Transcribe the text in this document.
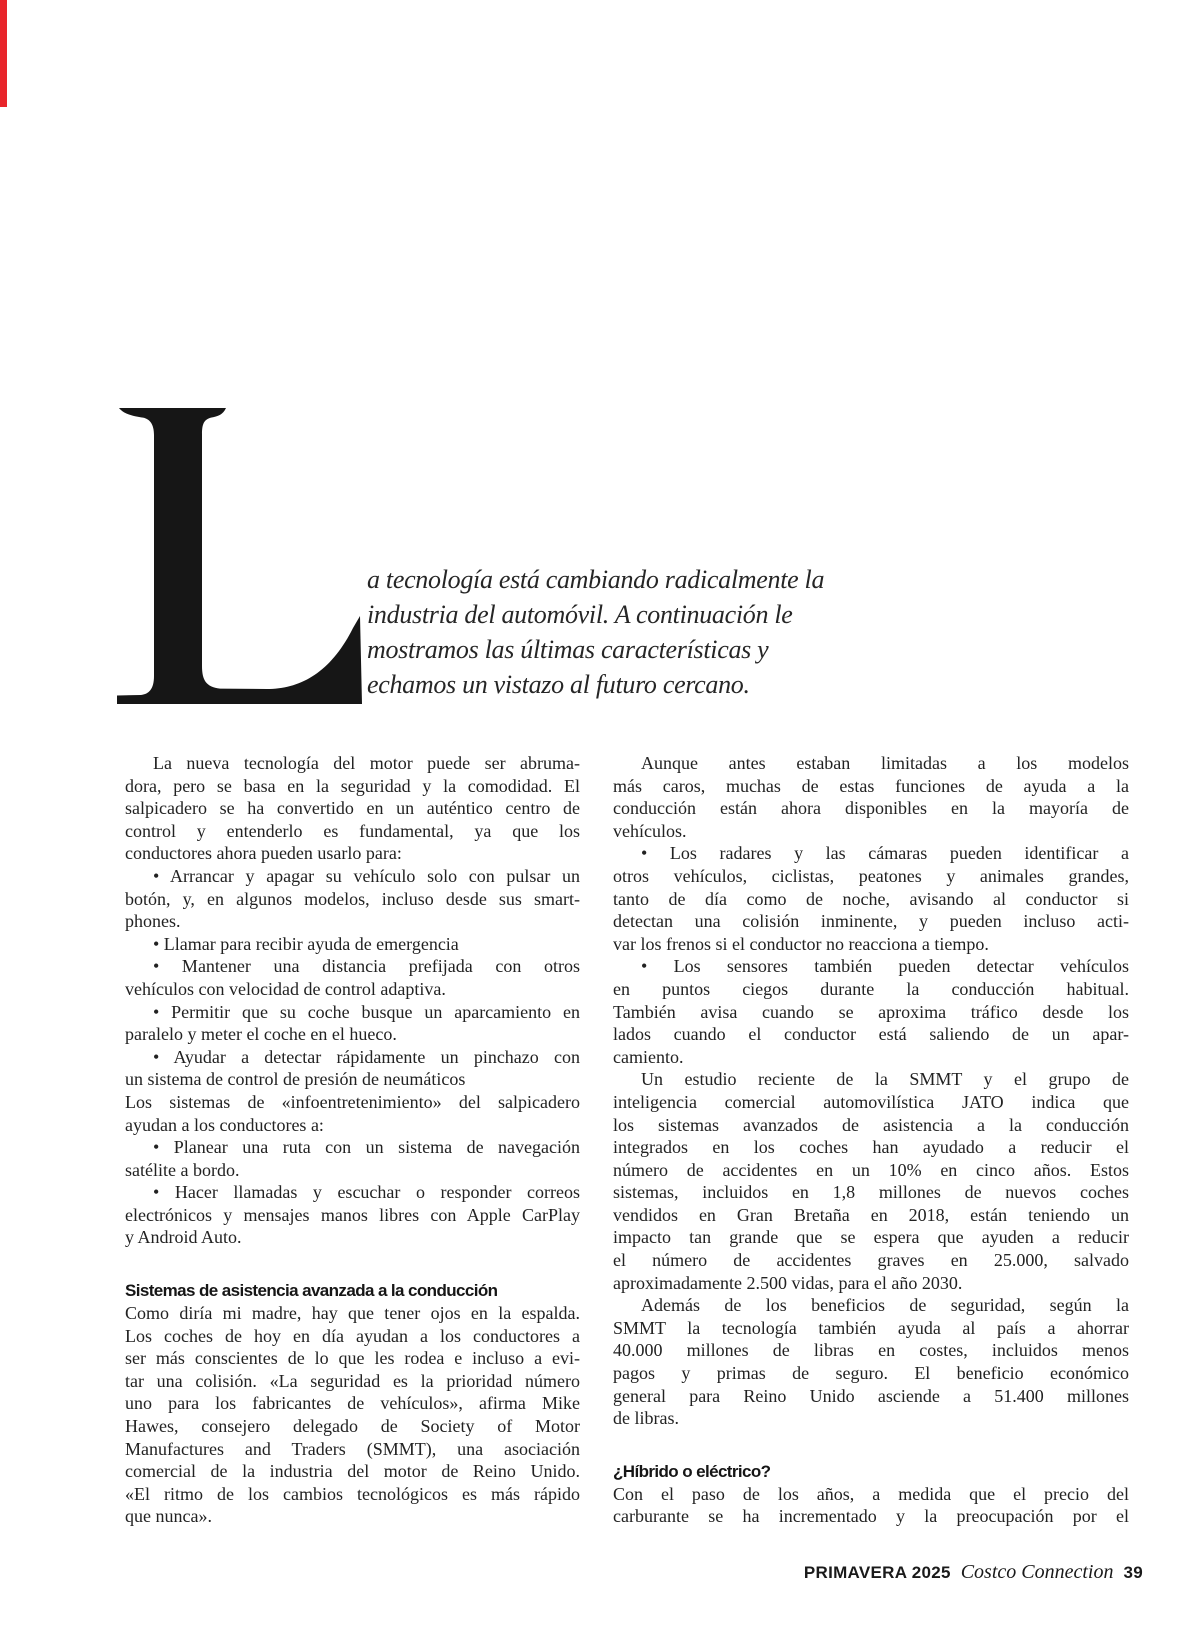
a tecnología está cambiando radicalmente la
industria del automóvil. A continuación le
mostramos las últimas características y
echamos un vistazo al futuro cercano.
La nueva tecnología del motor puede ser abruma-
dora, pero se basa en la seguridad y la comodidad. El
salpicadero se ha convertido en un auténtico centro de
control y entenderlo es fundamental, ya que los
conductores ahora pueden usarlo para:
• Arrancar y apagar su vehículo solo con pulsar un
botón, y, en algunos modelos, incluso desde sus smart-
phones.
• Llamar para recibir ayuda de emergencia
• Mantener una distancia prefijada con otros
vehículos con velocidad de control adaptiva.
• Permitir que su coche busque un aparcamiento en
paralelo y meter el coche en el hueco.
• Ayudar a detectar rápidamente un pinchazo con
un sistema de control de presión de neumáticos
Los sistemas de «infoentretenimiento» del salpicadero
ayudan a los conductores a:
• Planear una ruta con un sistema de navegación
satélite a bordo.
• Hacer llamadas y escuchar o responder correos
electrónicos y mensajes manos libres con Apple CarPlay
y Android Auto.
Sistemas de asistencia avanzada a la conducción
Como diría mi madre, hay que tener ojos en la espalda.
Los coches de hoy en día ayudan a los conductores a
ser más conscientes de lo que les rodea e incluso a evi-
tar una colisión. «La seguridad es la prioridad número
uno para los fabricantes de vehículos», afirma Mike
Hawes, consejero delegado de Society of Motor
Manufactures and Traders (SMMT), una asociación
comercial de la industria del motor de Reino Unido.
«El ritmo de los cambios tecnológicos es más rápido
que nunca».
Aunque antes estaban limitadas a los modelos
más caros, muchas de estas funciones de ayuda a la
conducción están ahora disponibles en la mayoría de
vehículos.
• Los radares y las cámaras pueden identificar a
otros vehículos, ciclistas, peatones y animales grandes,
tanto de día como de noche, avisando al conductor si
detectan una colisión inminente, y pueden incluso acti-
var los frenos si el conductor no reacciona a tiempo.
• Los sensores también pueden detectar vehículos
en puntos ciegos durante la conducción habitual.
También avisa cuando se aproxima tráfico desde los
lados cuando el conductor está saliendo de un apar-
camiento.
Un estudio reciente de la SMMT y el grupo de
inteligencia comercial automovilística JATO indica que
los sistemas avanzados de asistencia a la conducción
integrados en los coches han ayudado a reducir el
número de accidentes en un 10% en cinco años. Estos
sistemas, incluidos en 1,8 millones de nuevos coches
vendidos en Gran Bretaña en 2018, están teniendo un
impacto tan grande que se espera que ayuden a reducir
el número de accidentes graves en 25.000, salvado
aproximadamente 2.500 vidas, para el año 2030.
Además de los beneficios de seguridad, según la
SMMT la tecnología también ayuda al país a ahorrar
40.000 millones de libras en costes, incluidos menos
pagos y primas de seguro. El beneficio económico
general para Reino Unido asciende a 51.400 millones
de libras.
¿Híbrido o eléctrico?
Con el paso de los años, a medida que el precio del
carburante se ha incrementado y la preocupación por el
PRIMAVERA 2025 Costco Connection 39
